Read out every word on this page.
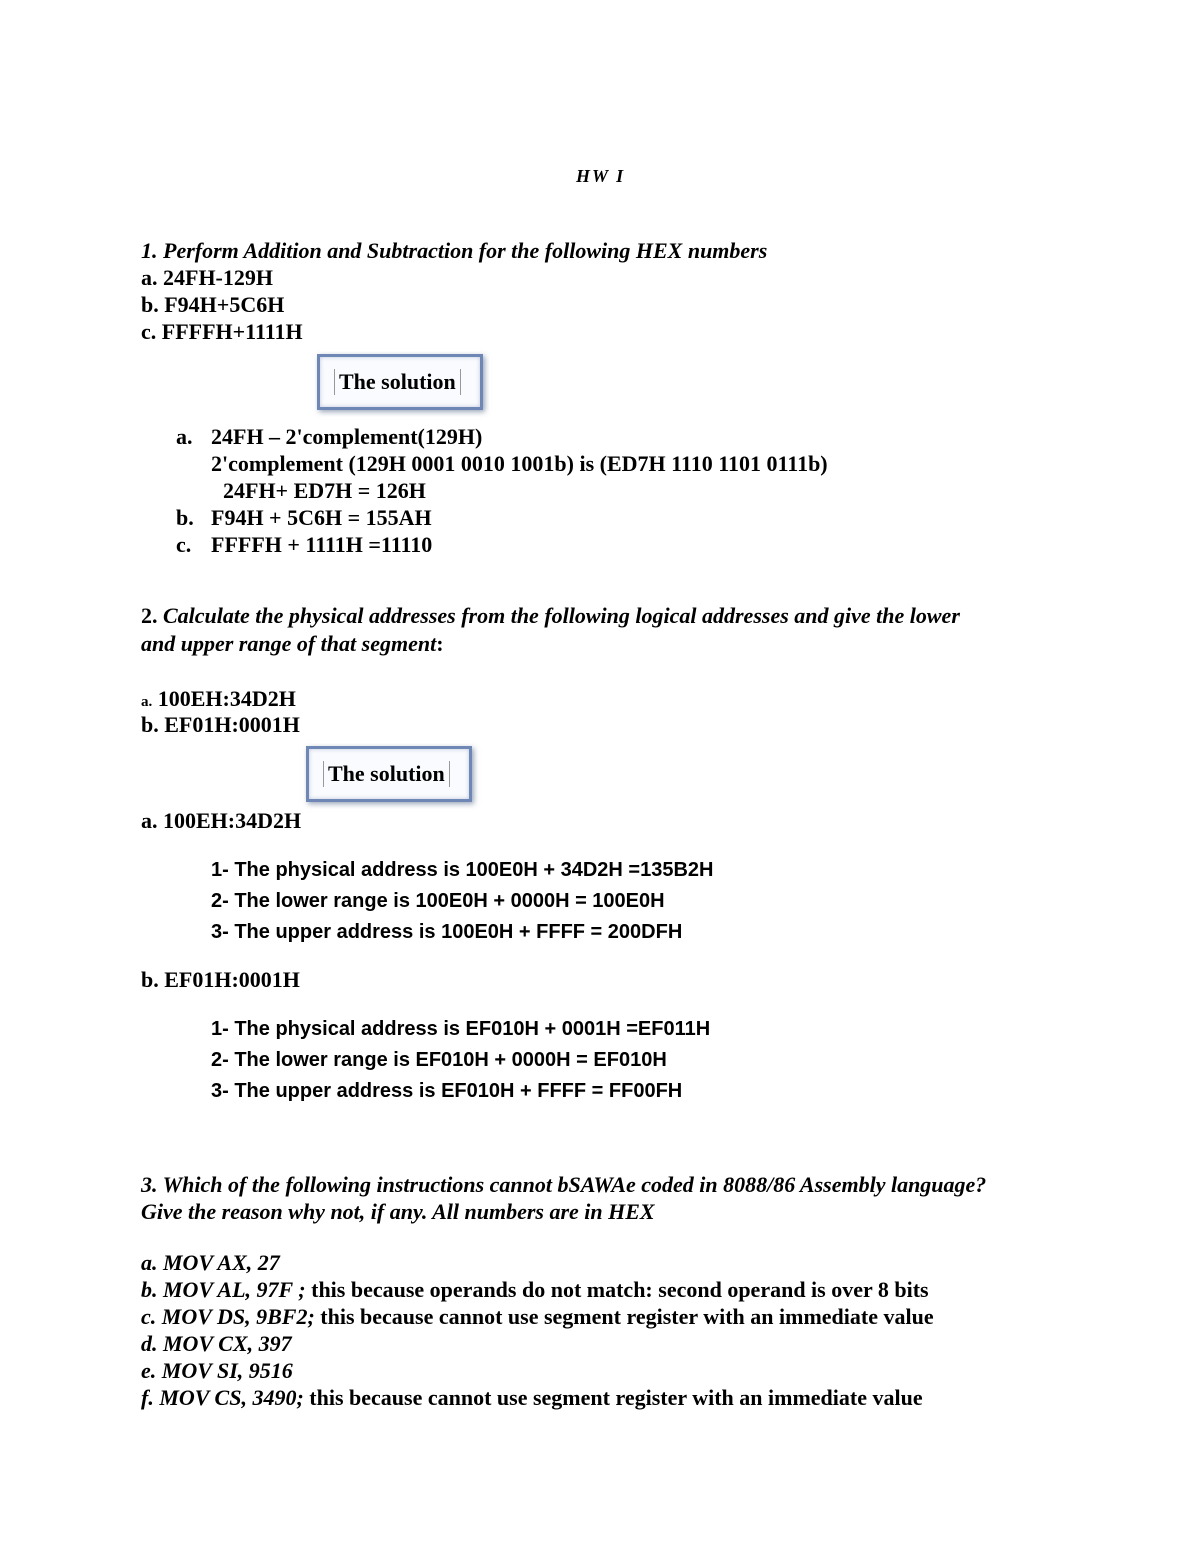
HW I
1. Perform Addition and Subtraction for the following HEX numbers
a. 24FH-129H
b. F94H+5C6H
c. FFFFH+1111H
The solution
a. 24FH – 2'complement(129H)
2'complement (129H 0001 0010 1001b) is (ED7H 1110 1101 0111b)
24FH+ ED7H = 126H
b. F94H + 5C6H = 155AH
c. FFFFH + 1111H =11110
2. Calculate the physical addresses from the following logical addresses and give the lower
and upper range of that segment:
a. 100EH:34D2H
b. EF01H:0001H
The solution
a. 100EH:34D2H
1- The physical address is 100E0H + 34D2H =135B2H
2- The lower range is 100E0H + 0000H = 100E0H
3- The upper address is 100E0H + FFFF = 200DFH
b. EF01H:0001H
1- The physical address is EF010H + 0001H =EF011H
2- The lower range is EF010H + 0000H = EF010H
3- The upper address is EF010H + FFFF = FF00FH
3. Which of the following instructions cannot bSAWAe coded in 8088/86 Assembly language?
Give the reason why not, if any. All numbers are in HEX
a. MOV AX, 27
b. MOV AL, 97F ; this because operands do not match: second operand is over 8 bits
c. MOV DS, 9BF2; this because cannot use segment register with an immediate value
d. MOV CX, 397
e. MOV SI, 9516
f. MOV CS, 3490; this because cannot use segment register with an immediate value
